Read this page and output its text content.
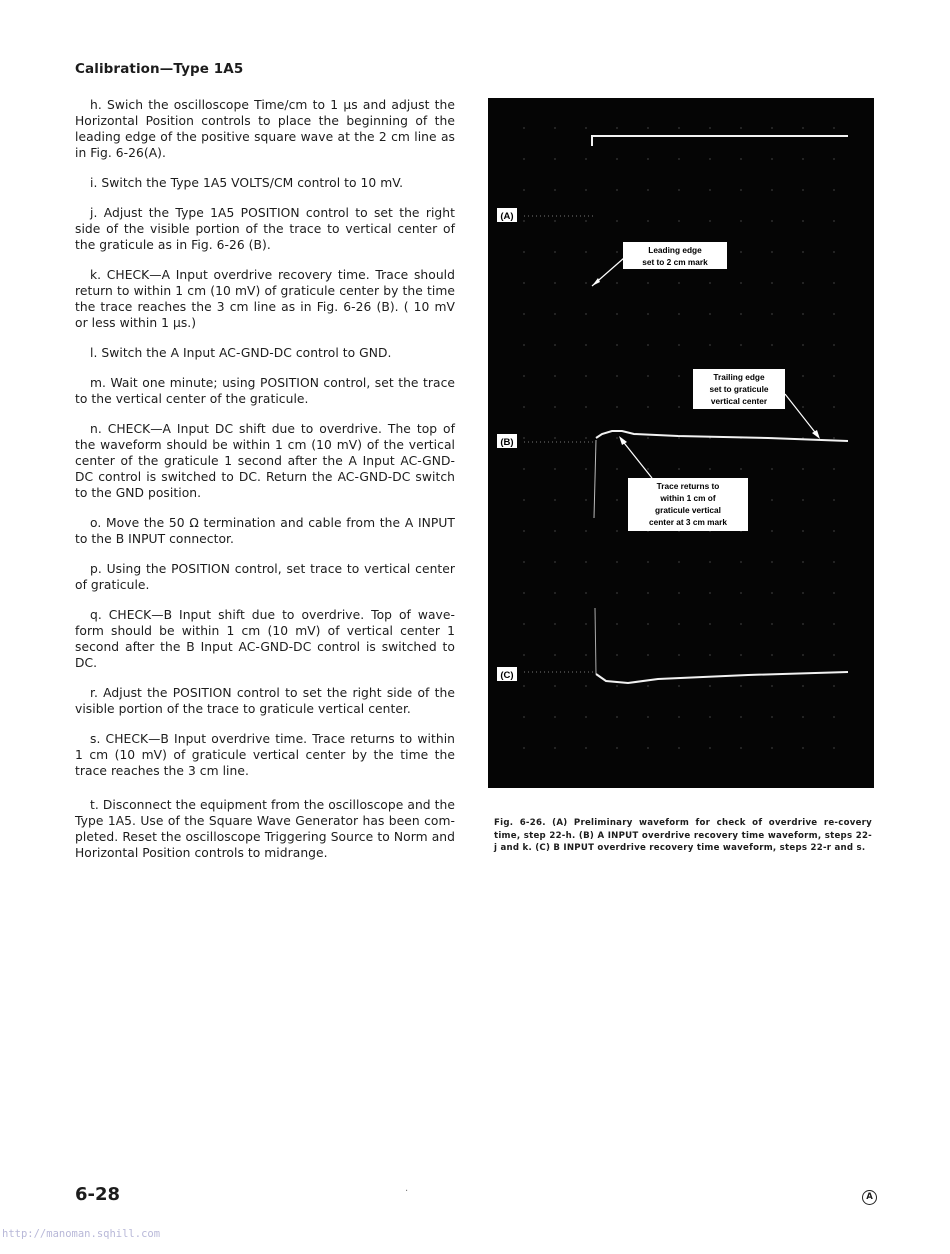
Calibration—Type 1A5

h. Swich the oscilloscope Time/cm to 1 μs and adjust the Horizontal Position controls to place the beginning of the leading edge of the positive square wave at the 2 cm line as in Fig. 6-26(A).

i. Switch the Type 1A5 VOLTS/CM control to 10 mV.

j. Adjust the Type 1A5 POSITION control to set the right side of the visible portion of the trace to vertical center of the graticule as in Fig. 6-26 (B).

k. CHECK—A Input overdrive recovery time. Trace should return to within 1 cm (10 mV) of graticule center by the time the trace reaches the 3 cm line as in Fig. 6-26 (B). ( 10 mV or less within 1 μs.)

l. Switch the A Input AC-GND-DC control to GND.

m. Wait one minute; using POSITION control, set the trace to the vertical center of the graticule.

n. CHECK—A Input DC shift due to overdrive. The top of the waveform should be within 1 cm (10 mV) of the vertical center of the graticule 1 second after the A Input AC-GND-DC control is switched to DC. Return the AC-GND-DC switch to the GND position.

o. Move the 50 Ω termination and cable from the A INPUT to the B INPUT connector.

p. Using the POSITION control, set trace to vertical center of graticule.

q. CHECK—B Input shift due to overdrive. Top of wave-form should be within 1 cm (10 mV) of vertical center 1 second after the B Input AC-GND-DC control is switched to DC.

r. Adjust the POSITION control to set the right side of the visible portion of the trace to graticule vertical center.

s. CHECK—B Input overdrive time. Trace returns to within 1 cm (10 mV) of graticule vertical center by the time the trace reaches the 3 cm line.

t. Disconnect the equipment from the oscilloscope and the Type 1A5. Use of the Square Wave Generator has been com-pleted. Reset the oscilloscope Triggering Source to Norm and Horizontal Position controls to midrange.

(A)
(B)
(C)
Leading edge
set to 2 cm mark
Trailing edge
set to graticule
vertical center
Trace returns to
within 1 cm of
graticule vertical
center at 3 cm mark
Fig. 6-26. (A) Preliminary waveform for check of overdrive re-covery time, step 22-h. (B) A INPUT overdrive recovery time waveform, steps 22-j and k. (C) B INPUT overdrive recovery time waveform, steps 22-r and s.
6-28	·	A
http://manoman.sqhill.com
